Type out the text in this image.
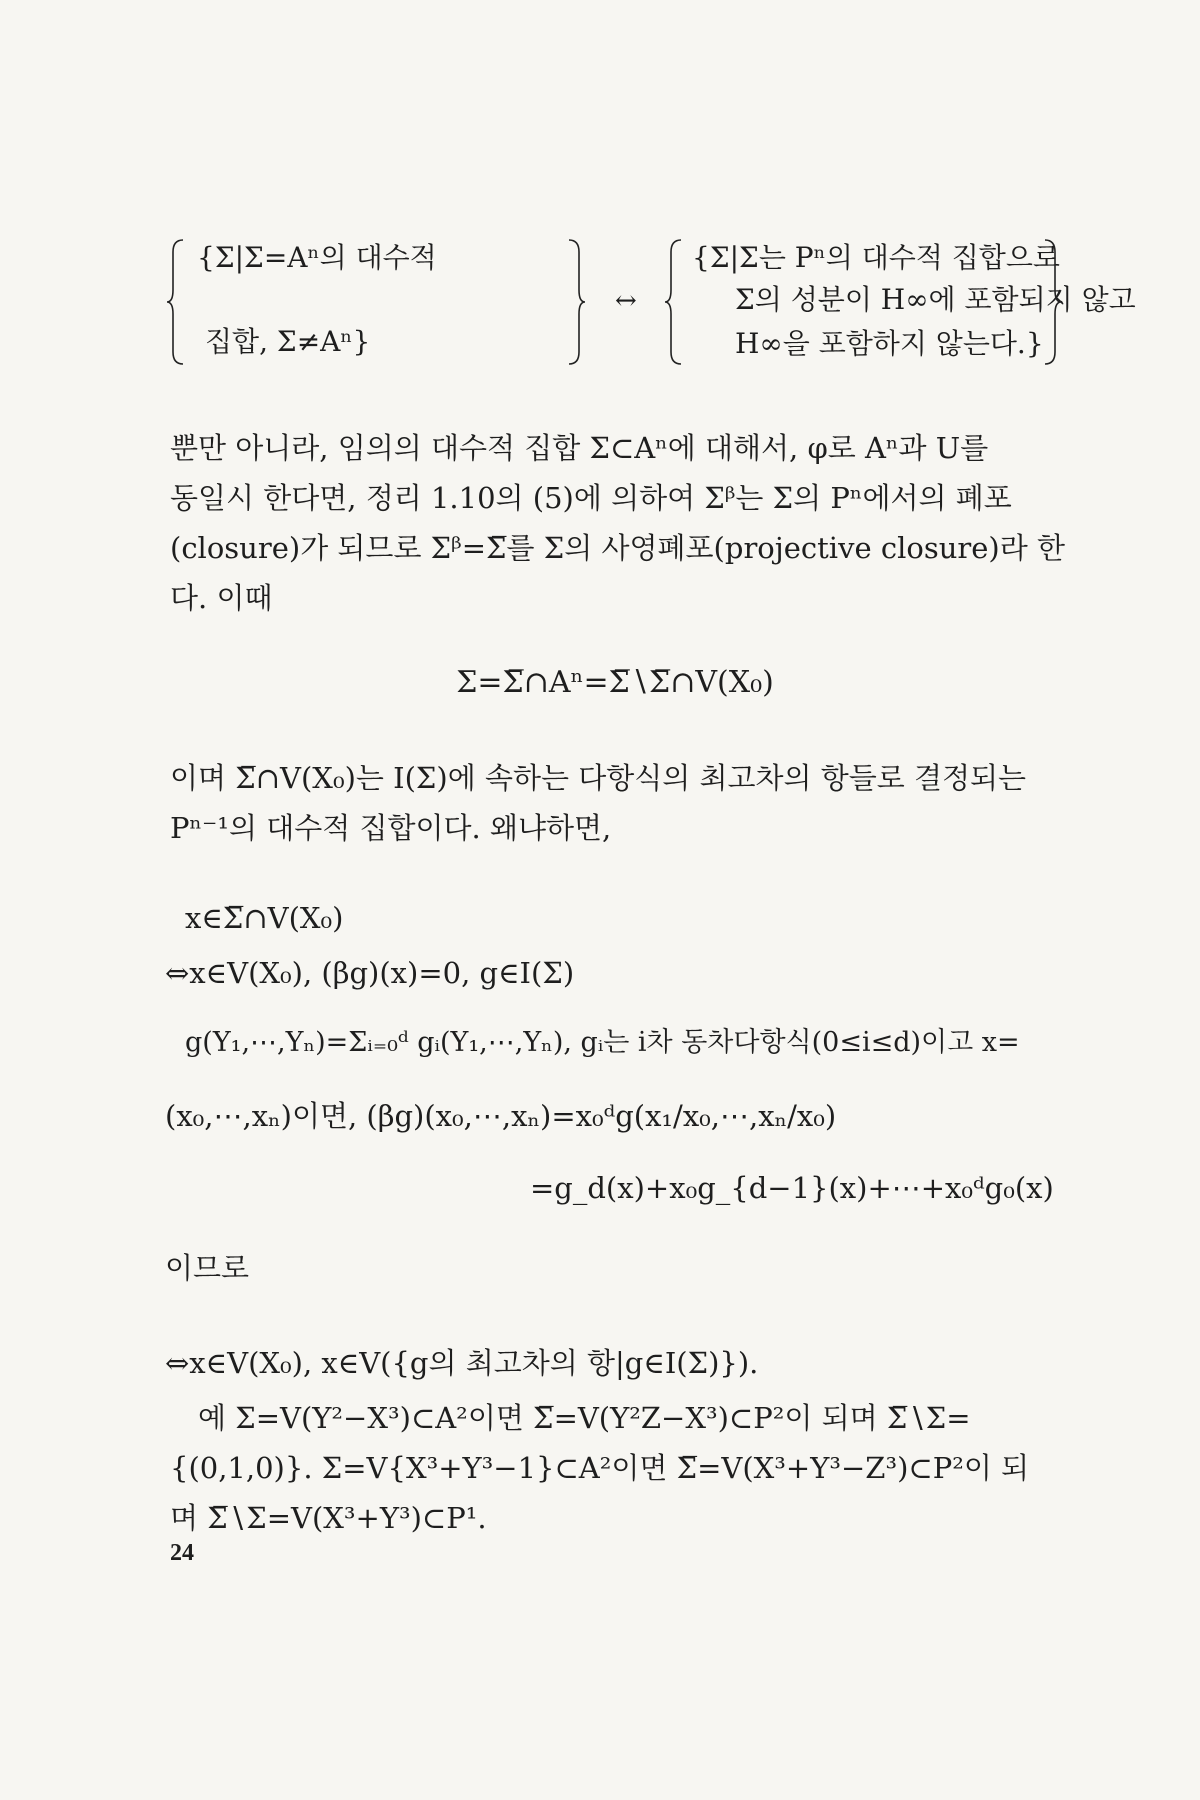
{Σ|Σ=Aⁿ의 대수적
집합, Σ≠Aⁿ}
↔
{Σ|Σ는 Pⁿ의 대수적 집합으로
Σ의 성분이 H∞에 포함되지 않고
H∞을 포함하지 않는다.}
뿐만 아니라, 임의의 대수적 집합 Σ⊂Aⁿ에 대해서, φ로 Aⁿ과 U를
동일시 한다면, 정리 1.10의 (5)에 의하여 Σᵝ는 Σ의 Pⁿ에서의 폐포
(closure)가 되므로 Σᵝ=Σ̅를 Σ의 사영폐포(projective closure)라 한
다. 이때
Σ=Σ̅∩Aⁿ=Σ̅∖Σ̅∩V(X₀)
이며 Σ̅∩V(X₀)는 I(Σ)에 속하는 다항식의 최고차의 항들로 결정되는
Pⁿ⁻¹의 대수적 집합이다. 왜냐하면,
x∈Σ̅∩V(X₀)
⇔x∈V(X₀), (βg)(x)=0, g∈I(Σ)
g(Y₁,⋯,Yₙ)=Σᵢ₌₀ᵈ gᵢ(Y₁,⋯,Yₙ), gᵢ는 i차 동차다항식(0≤i≤d)이고 x=
(x₀,⋯,xₙ)이면, (βg)(x₀,⋯,xₙ)=x₀ᵈg(x₁/x₀,⋯,xₙ/x₀)
=g_d(x)+x₀g_{d−1}(x)+⋯+x₀ᵈg₀(x)
이므로
⇔x∈V(X₀), x∈V({g의 최고차의 항|g∈I(Σ)}).
예 Σ=V(Y²−X³)⊂A²이면 Σ̅=V(Y²Z−X³)⊂P²이 되며 Σ̅∖Σ=
{(0,1,0)}. Σ=V{X³+Y³−1}⊂A²이면 Σ̅=V(X³+Y³−Z³)⊂P²이 되
며 Σ̅∖Σ=V(X³+Y³)⊂P¹.
24
